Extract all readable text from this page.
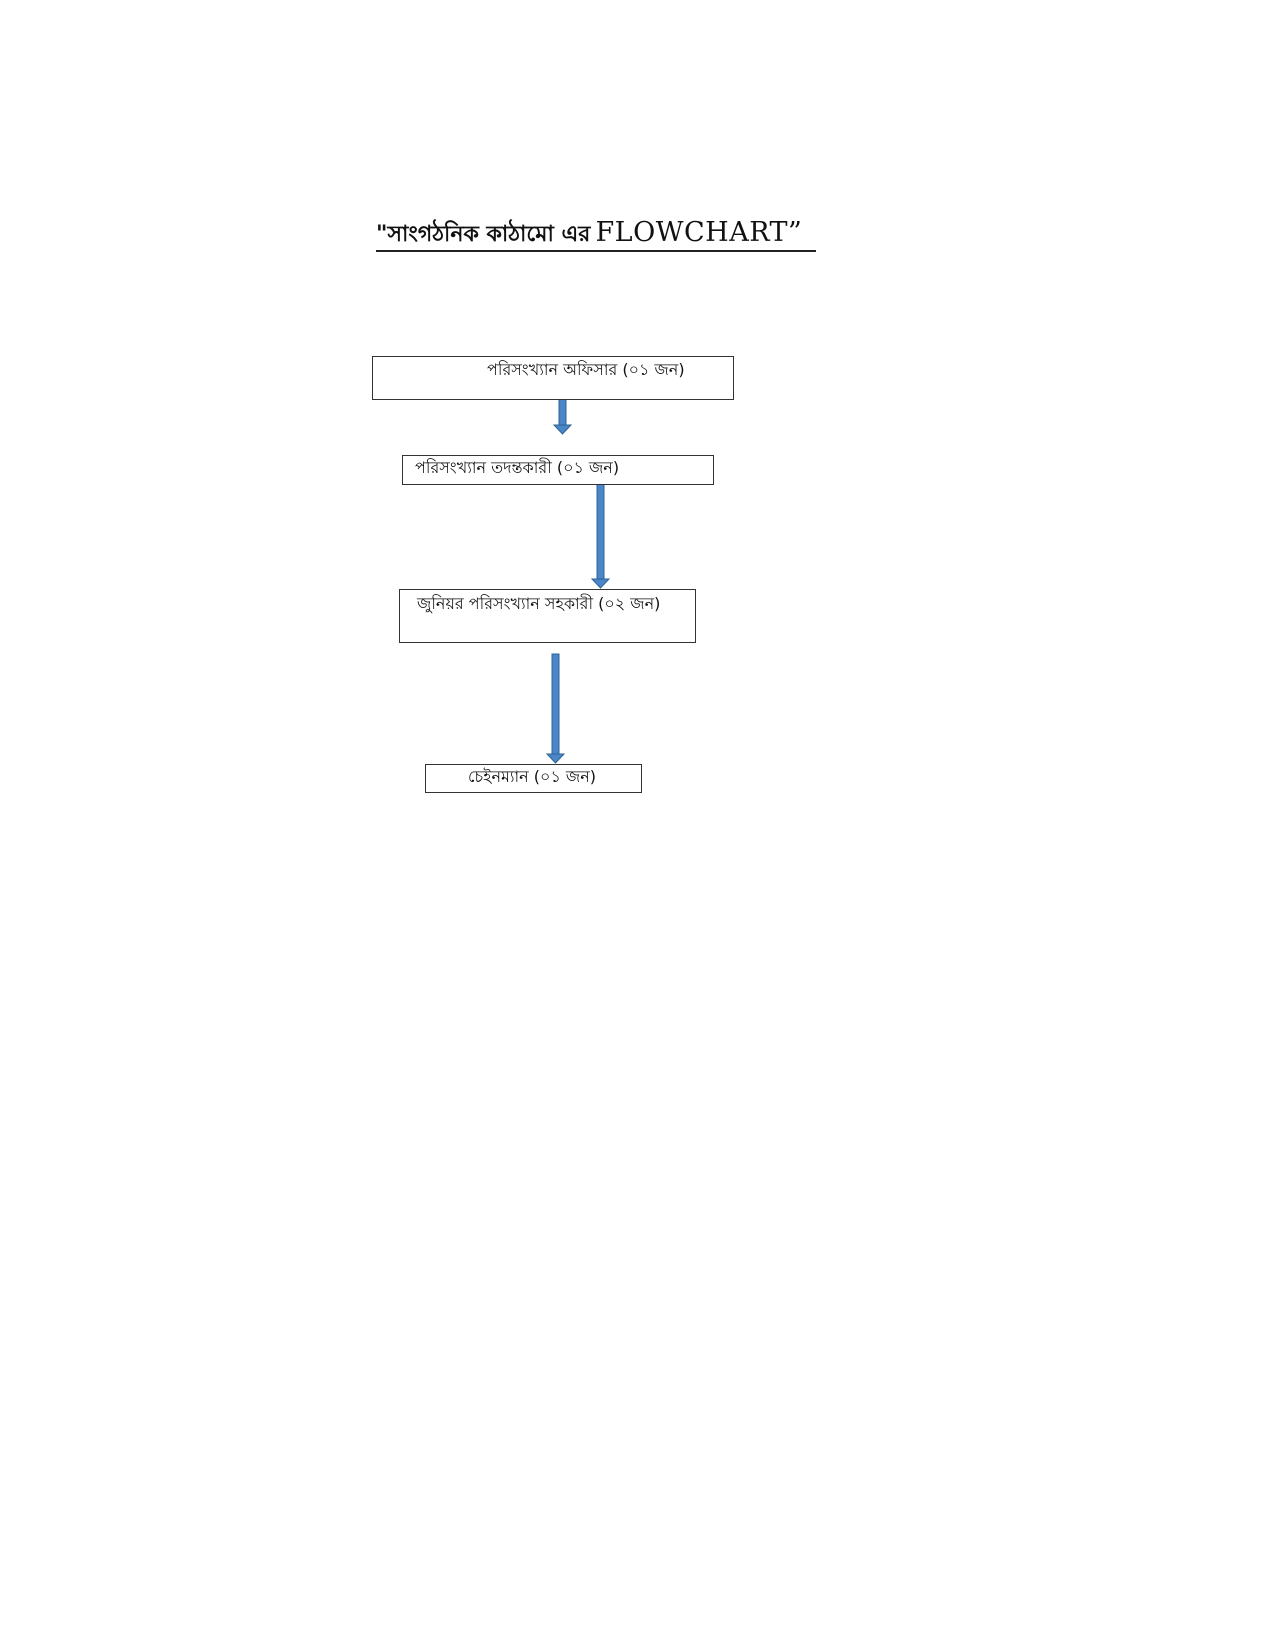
"সাংগঠনিক কাঠামো এর FLOWCHART”
পরিসংখ্যান অফিসার (০১ জন)
পরিসংখ্যান তদন্তকারী (০১ জন)
জুনিয়র পরিসংখ্যান সহকারী (০২ জন)
চেইনম্যান (০১ জন)
